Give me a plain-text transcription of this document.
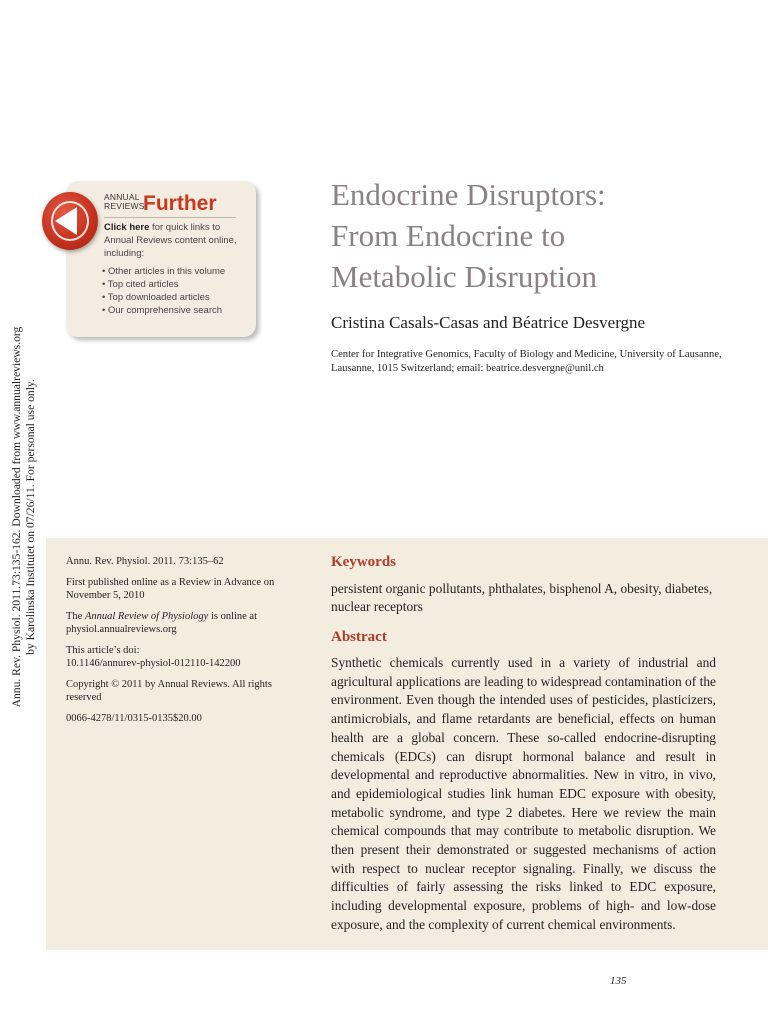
Annu. Rev. Physiol. 2011.73:135-162. Downloaded from www.annualreviews.org by Karolinska Institutet on 07/26/11. For personal use only.
ANNUAL
REVIEWS
Further
Click here for quick links to Annual Reviews content online, including:
• Other articles in this volume
• Top cited articles
• Top downloaded articles
• Our comprehensive search
Endocrine Disruptors:
From Endocrine to
Metabolic Disruption
Cristina Casals-Casas and Béatrice Desvergne
Center for Integrative Genomics, Faculty of Biology and Medicine, University of Lausanne, Lausanne, 1015 Switzerland; email: beatrice.desvergne@unil.ch

Annu. Rev. Physiol. 2011. 73:135–62

First published online as a Review in Advance on November 5, 2010

The Annual Review of Physiology is online at physiol.annualreviews.org

This article’s doi:
10.1146/annurev-physiol-012110-142200

Copyright © 2011 by Annual Reviews. All rights reserved

0066-4278/11/0315-0135$20.00

Keywords
persistent organic pollutants, phthalates, bisphenol A, obesity, diabetes, nuclear receptors
Abstract
Synthetic chemicals currently used in a variety of industrial and agricultural applications are leading to widespread contamination of the environment. Even though the intended uses of pesticides, plasticizers, antimicrobials, and flame retardants are beneficial, effects on human health are a global concern. These so-called endocrine-disrupting chemicals (EDCs) can disrupt hormonal balance and result in developmental and reproductive abnormalities. New in vitro, in vivo, and epidemiological studies link human EDC exposure with obesity, metabolic syndrome, and type 2 diabetes. Here we review the main chemical compounds that may contribute to metabolic disruption. We then present their demonstrated or suggested mechanisms of action with respect to nuclear receptor signaling. Finally, we discuss the difficulties of fairly assessing the risks linked to EDC exposure, including developmental exposure, problems of high- and low-dose exposure, and the complexity of current chemical environments.
135
